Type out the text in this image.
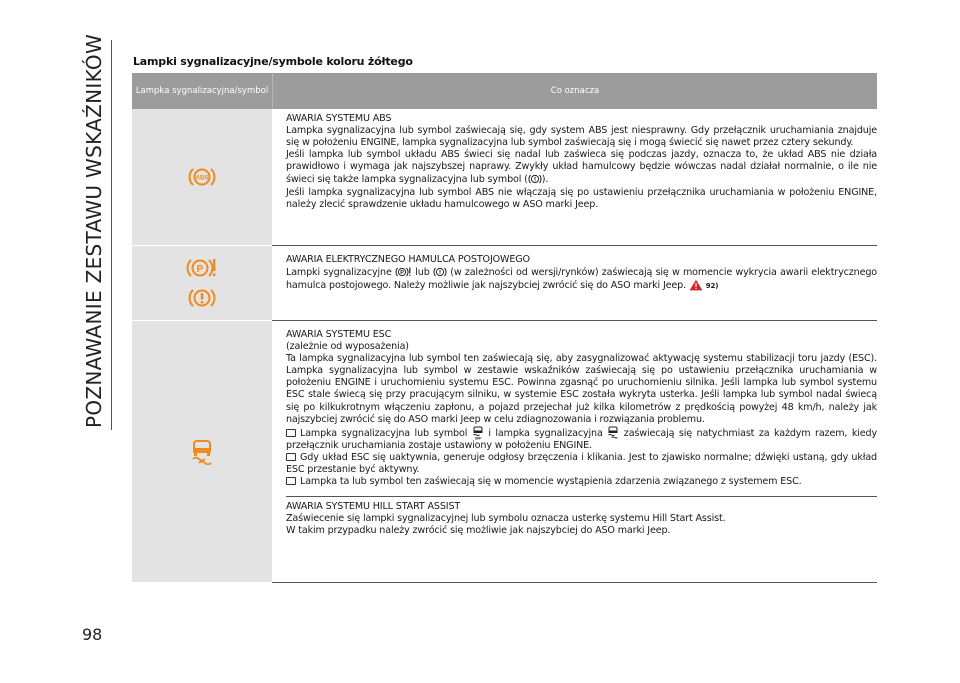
POZNAWANIE ZESTAWU WSKAŹNIKÓW
98
Lampki sygnalizacyjne/symbole koloru żółtego
Lampka sygnalizacyjna/symbol	Co oznacza
ABS

AWARIA SYSTEMU ABS

Lampka sygnalizacyjna lub symbol zaświecają się, gdy system ABS jest niesprawny. Gdy przełącznik uruchamiania znajduje się w położeniu ENGINE, lampka sygnalizacyjna lub symbol zaświecają się i mogą świecić się nawet przez cztery sekundy.

Jeśli lampka lub symbol układu ABS świeci się nadal lub zaświeca się podczas jazdy, oznacza to, że układ ABS nie działa prawidłowo i wymaga jak najszybszej naprawy. Zwykły układ hamulcowy będzie wówczas nadal działał normalnie, o ile nie świeci się także lampka sygnalizacyjna lub symbol ( ).

Jeśli lampka sygnalizacyjna lub symbol ABS nie włączają się po ustawieniu przełącznika uruchamiania w położeniu ENGINE, należy zlecić sprawdzenie układu hamulcowego w ASO marki Jeep.

P

AWARIA ELEKTRYCZNEGO HAMULCA POSTOJOWEGO

Lampki sygnalizacyjne P lub  (w zależności od wersji/rynków) zaświecają się w momencie wykrycia awarii elektrycznego hamulca postojowego. Należy możliwie jak najszybciej zwrócić się do ASO marki Jeep.  92)

AWARIA SYSTEMU ESC

(zależnie od wyposażenia)

Ta lampka sygnalizacyjna lub symbol ten zaświecają się, aby zasygnalizować aktywację systemu stabilizacji toru jazdy (ESC). Lampka sygnalizacyjna lub symbol w zestawie wskaźników zaświecają się po ustawieniu przełącznika uruchamiania w położeniu ENGINE i uruchomieniu systemu ESC. Powinna zgasnąć po uruchomieniu silnika. Jeśli lampka lub symbol systemu ESC stale świecą się przy pracującym silniku, w systemie ESC została wykryta usterka. Jeśli lampka lub symbol nadal świecą się po kilkukrotnym włączeniu zapłonu, a pojazd przejechał już kilka kilometrów z prędkością powyżej 48 km/h, należy jak najszybciej zwrócić się do ASO marki Jeep w celu zdiagnozowania i rozwiązania problemu.

Lampka sygnalizacyjna lub symbol OFF i lampka sygnalizacyjna  zaświecają się natychmiast za każdym razem, kiedy przełącznik uruchamiania zostaje ustawiony w położeniu ENGINE.

Gdy układ ESC się uaktywnia, generuje odgłosy brzęczenia i klikania. Jest to zjawisko normalne; dźwięki ustaną, gdy układ ESC przestanie być aktywny.

Lampka ta lub symbol ten zaświecają się w momencie wystąpienia zdarzenia związanego z systemem ESC.

AWARIA SYSTEMU HILL START ASSIST

Zaświecenie się lampki sygnalizacyjnej lub symbolu oznacza usterkę systemu Hill Start Assist.

W takim przypadku należy zwrócić się możliwie jak najszybciej do ASO marki Jeep.
